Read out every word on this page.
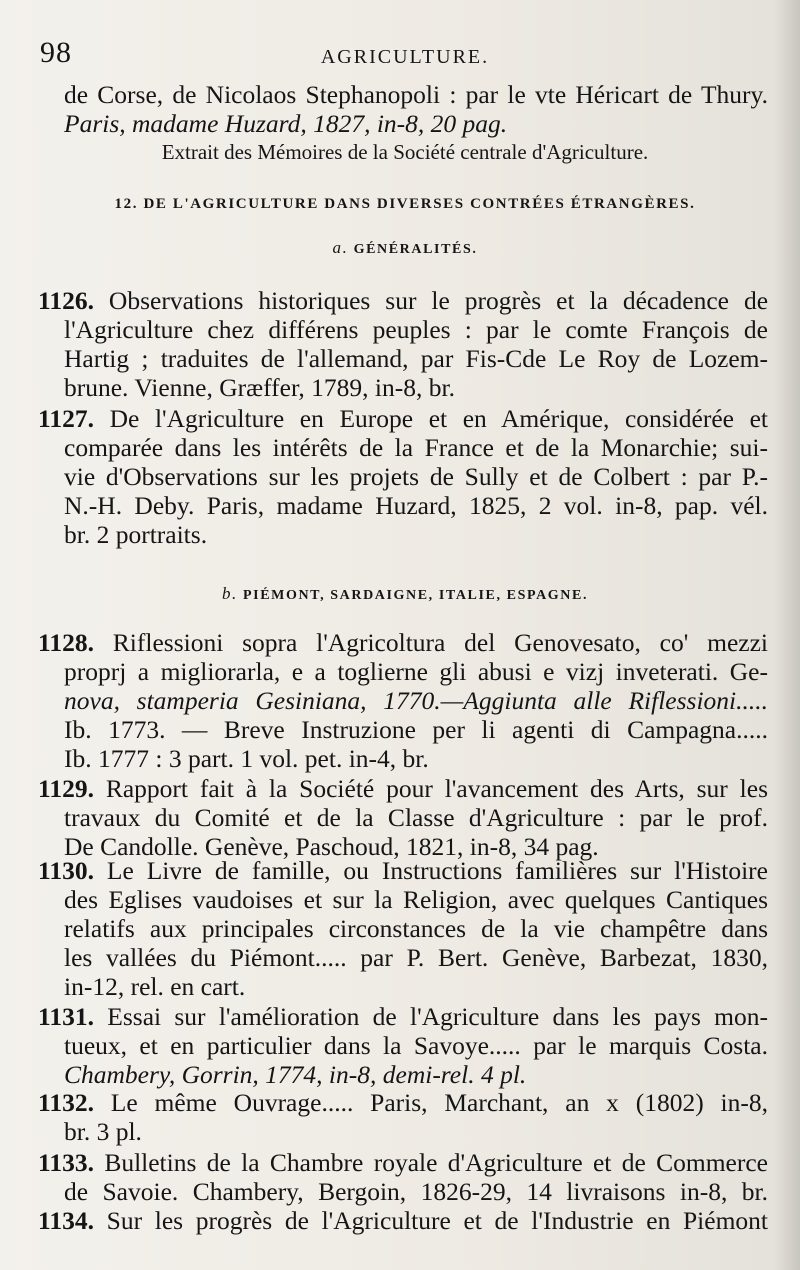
98	AGRICULTURE.
de Corse, de Nicolaos Stephanopoli : par le vte Héricart de Thury.
Paris, madame Huzard, 1827, in-8, 20 pag.
Extrait des Mémoires de la Société centrale d'Agriculture.
12. DE L'AGRICULTURE DANS DIVERSES CONTRÉES ÉTRANGÈRES.
a. GÉNÉRALITÉS.
1126. Observations historiques sur le progrès et la décadence de
l'Agriculture chez différens peuples : par le comte François de
Hartig ; traduites de l'allemand, par Fis-Cde Le Roy de Lozem-
brune. Vienne, Græffer, 1789, in-8, br.
1127. De l'Agriculture en Europe et en Amérique, considérée et
comparée dans les intérêts de la France et de la Monarchie; sui-
vie d'Observations sur les projets de Sully et de Colbert : par P.-
N.-H. Deby. Paris, madame Huzard, 1825, 2 vol. in-8, pap. vél.
br. 2 portraits.
b. PIÉMONT, SARDAIGNE, ITALIE, ESPAGNE.
1128. Riflessioni sopra l'Agricoltura del Genovesato, co' mezzi
proprj a migliorarla, e a toglierne gli abusi e vizj inveterati. Ge-
nova, stamperia Gesiniana, 1770.—Aggiunta alle Riflessioni.....
Ib. 1773. — Breve Instruzione per li agenti di Campagna.....
Ib. 1777 : 3 part. 1 vol. pet. in-4, br.
1129. Rapport fait à la Société pour l'avancement des Arts, sur les
travaux du Comité et de la Classe d'Agriculture : par le prof.
De Candolle. Genève, Paschoud, 1821, in-8, 34 pag.
1130. Le Livre de famille, ou Instructions familières sur l'Histoire
des Eglises vaudoises et sur la Religion, avec quelques Cantiques
relatifs aux principales circonstances de la vie champêtre dans
les vallées du Piémont..... par P. Bert. Genève, Barbezat, 1830,
in-12, rel. en cart.
1131. Essai sur l'amélioration de l'Agriculture dans les pays mon-
tueux, et en particulier dans la Savoye..... par le marquis Costa.
Chambery, Gorrin, 1774, in-8, demi-rel. 4 pl.
1132. Le même Ouvrage..... Paris, Marchant, an x (1802) in-8,
br. 3 pl.
1133. Bulletins de la Chambre royale d'Agriculture et de Commerce
de Savoie. Chambery, Bergoin, 1826-29, 14 livraisons in-8, br.
1134. Sur les progrès de l'Agriculture et de l'Industrie en Piémont
